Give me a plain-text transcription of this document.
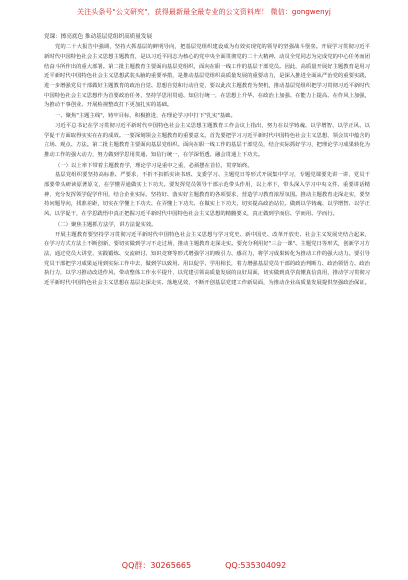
关注头条号"公文研究"，获得最新最全最专业的公文资料库！ 微信：gongwenyj

党课：擦亮底色 推动基层党组织高质量发展

党的二十大报告中强调，坚持大抓基层的鲜明导向，把基层党组织建设成为有效实现党的领导的坚强战斗堡垒。开展学习贯彻习近平新时代中国特色社会主义思想主题教育，是以习近平同志为核心的党中央全面贯彻党的二十大精神、动员全党同志为完成党的中心任务而团结奋斗所作出的重大部署。第二批主题教育主要面向基层党组织，面向在职一线工作的基层干部党员。因此，高质量开展好主题教育是用习近平新时代中国特色社会主义思想武装头脑的重要举措，是推动基层党组织高质量发展的重要动力，是深入推进全面从严治党的重要实践，进一步增强党员干部做好主题教育的政治自觉、思想自觉和行动自觉，要以此次主题教育为契机，推动基层党组织把学习贯彻习近平新时代中国特色社会主义思想作为首要政治任务，坚持学思用贯通、知信行统一，在思想上升华、在政治上加强、在能力上提高、在作风上加强，为推动干事创业、开展检视整改打下更加扎实的基础。

一、聚焦"主题主线"，铸牢目标，积极推进，在理论学习中打下"扎实"基础。

习近平总书记在学习贯彻习近平新时代中国特色社会主义思想主题教育工作会议上指出，努力在以学铸魂、以学增智、以学正风、以学促干方面取得实实在在的成效。一要深刻领会主题教育的重要意义。首先要把学习习近平新时代中国特色社会主义思想，领会其中蕴含的立场、观点、方法。第二批主题教育主要面向基层党组织、面向在职一线工作的基层干部党员，结合实际抓好学习，把理论学习成果转化为推动工作的强大动力，努力做到学思用贯通、知信行统一，在学深悟透、融会贯通上下功夫。

（一）以上率下带着主题教育学，理论学习是重中之重，必须摆在首位，贯穿始终。

基层党组织要坚持高标准、严要求，不折不扣抓实读书班、支委学习、主题党日等形式开展集中学习，专题党课要先讲一讲，党员干部要带头研读原著原文，在学懂弄通做实上下功夫。要发挥党员领导干部示范带头作用，以上率下，带头深入学习中央文件、重要讲话精神，充分发挥领学促学作用，结合企业实际，坚持好、落实好主题教育的各项要求，营造学习教育浓厚氛围。推动主题教育走深走实，要坚持问题导向，找准差距，切实在学懂上下功夫、在弄懂上下功夫、在做实上下功夫，切实提高政治站位。做到以学铸魂、以学增智、以学正风、以学促干，在学思践悟中真正把握习近平新时代中国特色社会主义思想的精髓要义，真正做到学而信、学而用、学而行。

（二）聚焦主题抓方法学，讲方法促实效。

开展主题教育要坚持学习贯彻习近平新时代中国特色社会主义思想与学习党史、新中国史、改革开放史、社会主义发展史结合起来，在学习方式方法上不断创新，要切实做到学习不走过场，推动主题教育走深走实。要充分利用好"三会一课"、主题党日等形式，创新学习方法，通过党员大讲堂、实践锻炼、交流研讨、知识竞赛等形式增强学习的吸引力、感召力，将学习成果转化为推动工作的强大动力。要引导党员干部把学习成果运用到实际工作中去，做到学以致用、用以促学、学用相长，着力增强基层党员干部的政治判断力、政治领悟力、政治执行力，以学习推动改进作风，带动整体工作水平提升，以党建引领高质量发展的良好局面，切实做到真学真懂真信真用，推动学习贯彻习近平新时代中国特色社会主义思想在基层走深走实、落地见效，不断开创基层党建工作新局面，为推动企业高质量发展提供坚强政治保证。

QQ群：30265665	QQ:535304092
